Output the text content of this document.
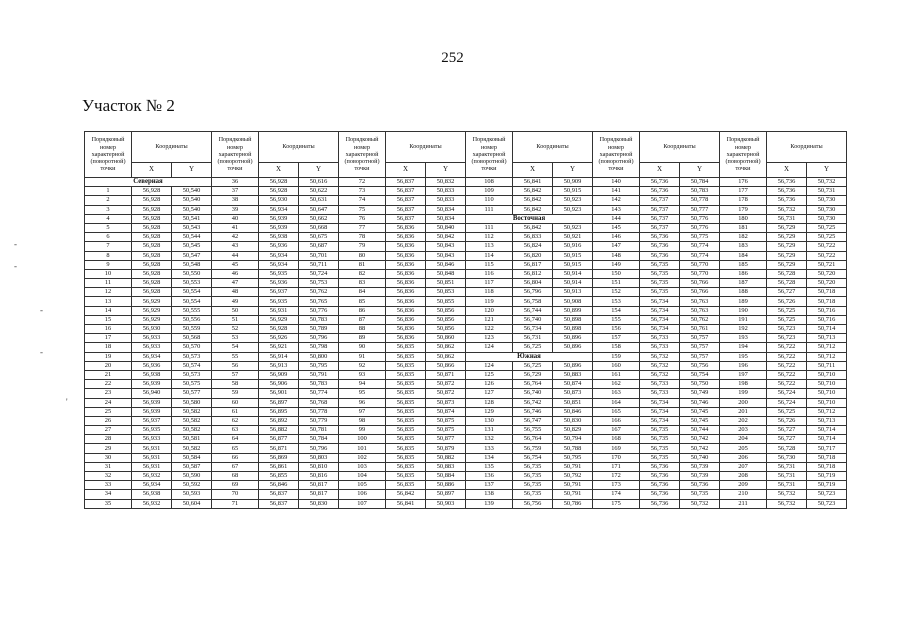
252
Участок № 2
-
-
'
-
-
Порядковый номер характерной (поворотной) точки	Координаты		Порядковый номер характерной (поворотной) точки	Координаты		Порядковый номер характерной (поворотной) точки	Координаты		Порядковый номер характерной (поворотной) точки	Координаты		Порядковый номер характерной (поворотной) точки	Координаты		Порядковый номер характерной (поворотной) точки	Координаты	
	X	Y		X	Y		X	Y		X	Y		X	Y		X	Y
Северная			36	56,928	50,616	72	56,837	50,832	108	56,841	50,909	140	56,736	50,784	176	56,736	50,732
1	56,928	50,540	37	56,928	50,622	73	56,837	50,833	109	56,842	50,915	141	56,736	50,783	177	56,736	50,731
2	56,928	50,540	38	56,930	50,631	74	56,837	50,833	110	56,842	50,923	142	56,737	50,778	178	56,736	50,730
3	56,928	50,540	39	56,934	50,647	75	56,837	50,834	111	56,842	50,923	143	56,737	50,777	179	56,732	50,730
4	56,928	50,541	40	56,939	50,662	76	56,837	50,834	Восточная			144	56,737	50,776	180	56,731	50,730
5	56,928	50,543	41	56,939	50,668	77	56,836	50,840	111	56,842	50,923	145	56,737	50,776	181	56,729	50,725
6	56,928	50,544	42	56,938	50,675	78	56,836	50,842	112	56,833	50,921	146	56,736	50,775	182	56,729	50,725
7	56,928	50,545	43	56,936	50,687	79	56,836	50,843	113	56,824	50,916	147	56,736	50,774	183	56,729	50,722
8	56,928	50,547	44	56,934	50,701	80	56,836	50,843	114	56,820	50,915	148	56,736	50,774	184	56,729	50,722
9	56,928	50,548	45	56,934	50,711	81	56,836	50,846	115	56,817	50,915	149	56,735	50,770	185	56,729	50,721
10	56,928	50,550	46	56,935	50,724	82	56,836	50,848	116	56,812	50,914	150	56,735	50,770	186	56,728	50,720
11	56,928	50,553	47	56,936	50,753	83	56,836	50,851	117	56,804	50,914	151	56,735	50,766	187	56,728	50,720
12	56,928	50,554	48	56,937	50,762	84	56,836	50,853	118	56,796	50,913	152	56,735	50,766	188	56,727	50,718
13	56,929	50,554	49	56,935	50,765	85	56,836	50,855	119	56,758	50,908	153	56,734	50,763	189	56,726	50,718
14	56,929	50,555	50	56,931	50,776	86	56,836	50,856	120	56,744	50,899	154	56,734	50,763	190	56,725	50,716
15	56,929	50,556	51	56,929	50,783	87	56,836	50,856	121	56,740	50,898	155	56,734	50,762	191	56,725	50,716
16	56,930	50,559	52	56,928	50,789	88	56,836	50,856	122	56,734	50,898	156	56,734	50,761	192	56,723	50,714
17	56,933	50,568	53	56,926	50,796	89	56,836	50,860	123	56,731	50,896	157	56,733	50,757	193	56,723	50,713
18	56,933	50,570	54	56,921	50,798	90	56,835	50,862	124	56,725	50,896	158	56,733	50,757	194	56,722	50,712
19	56,934	50,573	55	56,914	50,800	91	56,835	50,862	Южная			159	56,732	50,757	195	56,722	50,712
20	56,936	50,574	56	56,913	50,795	92	56,835	50,866	124	56,725	50,896	160	56,732	50,756	196	56,722	50,711
21	56,938	50,573	57	56,909	50,791	93	56,835	50,871	125	56,729	50,883	161	56,732	50,754	197	56,722	50,710
22	56,939	50,575	58	56,906	50,783	94	56,835	50,872	126	56,764	50,874	162	56,733	50,750	198	56,722	50,710
23	56,940	50,577	59	56,901	50,774	95	56,835	50,872	127	56,740	50,873	163	56,733	50,749	199	56,724	50,710
24	56,939	50,580	60	56,897	50,768	96	56,835	50,873	128	56,742	50,851	164	56,734	50,746	200	56,724	50,710
25	56,939	50,582	61	56,895	50,778	97	56,835	50,874	129	56,746	50,846	165	56,734	50,745	201	56,725	50,712
26	56,937	50,582	62	56,892	50,779	98	56,835	50,875	130	56,747	50,830	166	56,734	50,745	202	56,726	50,713
27	56,935	50,582	63	56,882	50,781	99	56,835	50,875	131	56,755	50,829	167	56,735	50,744	203	56,727	50,714
28	56,933	50,581	64	56,877	50,784	100	56,835	50,877	132	56,764	50,794	168	56,735	50,742	204	56,727	50,714
29	56,931	50,582	65	56,871	50,796	101	56,835	50,879	133	56,759	50,788	169	56,735	50,742	205	56,728	50,717
30	56,931	50,584	66	56,869	50,803	102	56,835	50,882	134	56,754	50,795	170	56,735	50,740	206	56,730	50,718
31	56,931	50,587	67	56,861	50,810	103	56,835	50,883	135	56,735	50,791	171	56,736	50,739	207	56,731	50,718
32	56,932	50,590	68	56,855	50,816	104	56,835	50,884	136	56,735	50,792	172	56,736	50,739	208	56,731	50,719
33	56,934	50,592	69	56,846	50,817	105	56,835	50,886	137	56,735	50,791	173	56,736	50,736	209	56,731	50,719
34	56,938	50,593	70	56,837	50,817	106	56,842	50,897	138	56,735	50,791	174	56,736	50,735	210	56,732	50,723
35	56,932	50,604	71	56,837	50,830	107	56,841	50,903	139	56,756	50,786	175	56,736	50,732	211	56,732	50,723
